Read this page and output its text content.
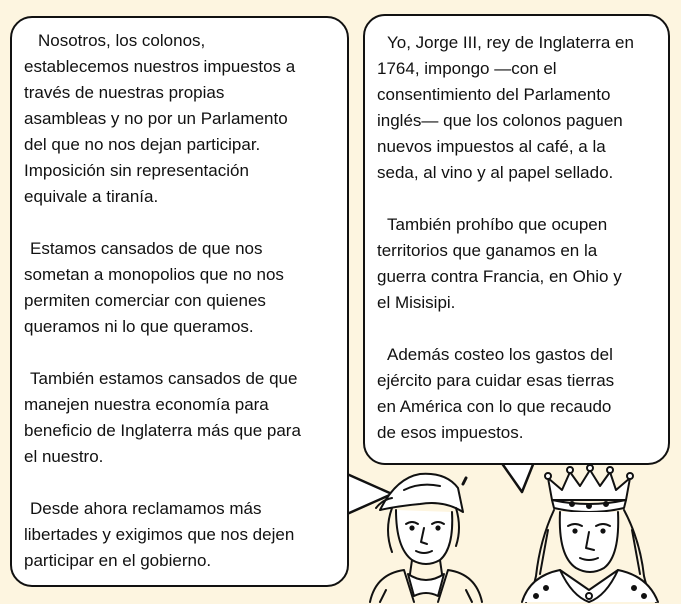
Nosotros, los colonos,

establecemos nuestros impuestos a

través de nuestras propias

asambleas y no por un Parlamento

del que no nos dejan participar.

Imposición sin representación

equivale a tiranía.

Estamos cansados de que nos

sometan a monopolios que no nos

permiten comerciar con quienes

queramos ni lo que queramos.

También estamos cansados de que

manejen nuestra economía para

beneficio de Inglaterra más que para

el nuestro.

Desde ahora reclamamos más

libertades y exigimos que nos dejen

participar en el gobierno.

Yo, Jorge III, rey de Inglaterra en

1764, impongo —con el

consentimiento del Parlamento

inglés— que los colonos paguen

nuevos impuestos al café, a la

seda, al vino y al papel sellado.

También prohíbo que ocupen

territorios que ganamos en la

guerra contra Francia, en Ohio y

el Misisipi.

Además costeo los gastos del

ejército para cuidar esas tierras

en América con lo que recaudo

de esos impuestos.
